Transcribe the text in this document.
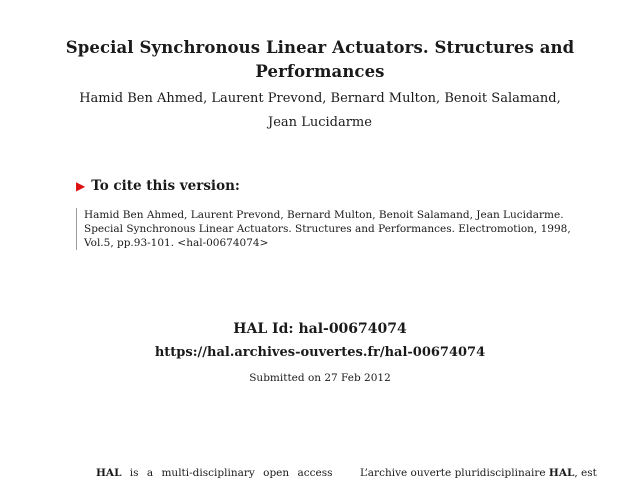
Special Synchronous Linear Actuators. Structures and
Performances
Hamid Ben Ahmed, Laurent Prevond, Bernard Multon, Benoit Salamand,
Jean Lucidarme
▶ To cite this version:
Hamid Ben Ahmed, Laurent Prevond, Bernard Multon, Benoit Salamand, Jean Lucidarme.
Special Synchronous Linear Actuators. Structures and Performances. Electromotion, 1998,
Vol.5, pp.93-101. <hal-00674074>
HAL Id: hal-00674074
https://hal.archives-ouvertes.fr/hal-00674074
Submitted on 27 Feb 2012
HAL is a multi-disciplinary open access	L’archive ouverte pluridisciplinaire HAL, est
